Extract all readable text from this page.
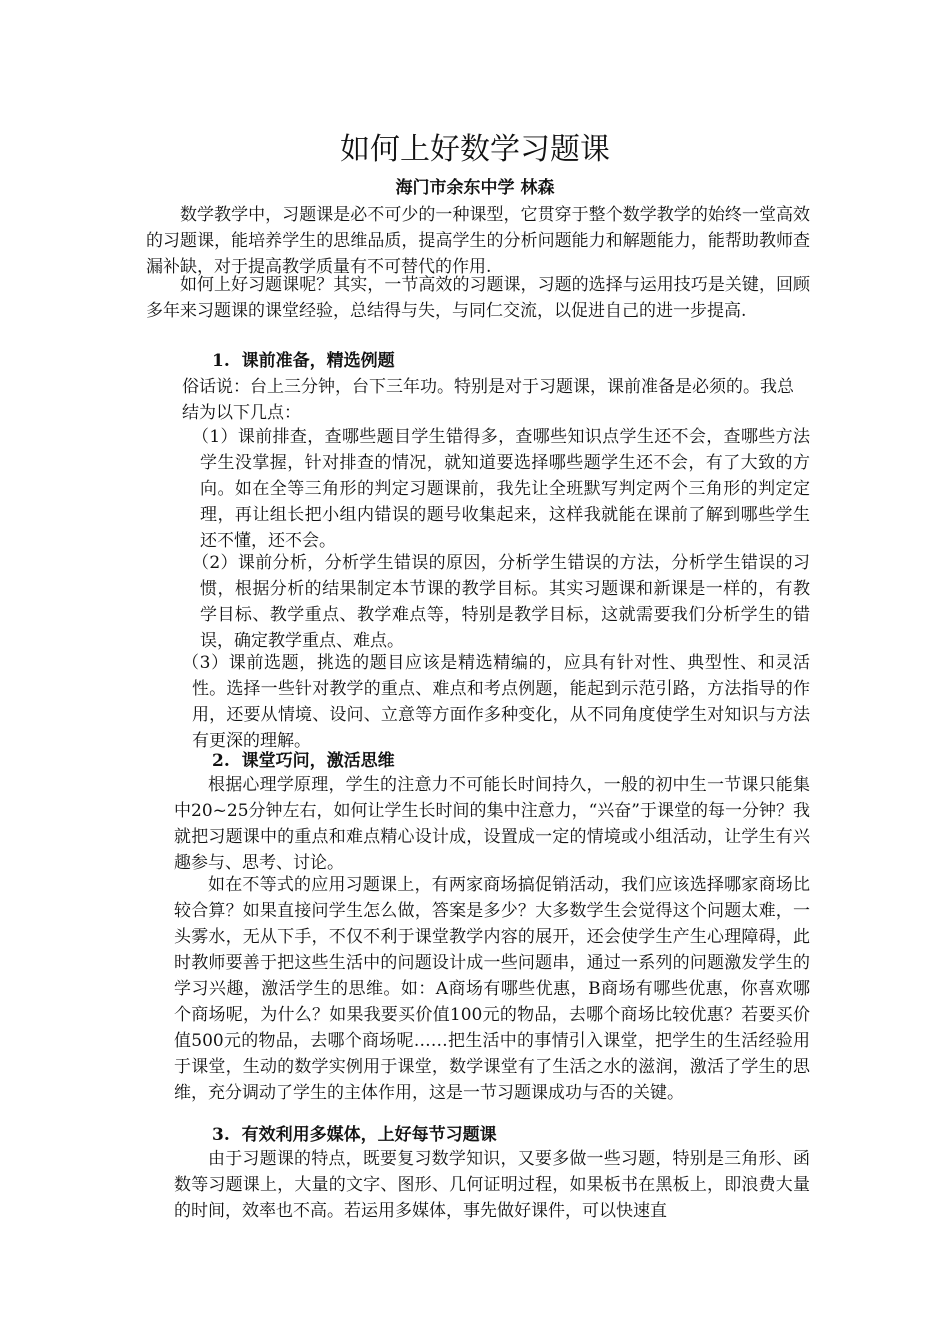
如何上好数学习题课
海门市余东中学 林森

数学教学中，习题课是必不可少的一种课型，它贯穿于整个数学教学的始终一堂高效的习题课，能培养学生的思维品质，提高学生的分析问题能力和解题能力，能帮助教师查漏补缺，对于提高教学质量有不可替代的作用.

如何上好习题课呢？其实，一节高效的习题课，习题的选择与运用技巧是关键，回顾多年来习题课的课堂经验，总结得与失，与同仁交流，以促进自己的进一步提高.

1.  课前准备，精选例题

俗话说：台上三分钟，台下三年功。特别是对于习题课，课前准备是必须的。我总结为以下几点：

（1）课前排查，查哪些题目学生错得多，查哪些知识点学生还不会，查哪些方法学生没掌握，针对排查的情况，就知道要选择哪些题学生还不会，有了大致的方向。如在全等三角形的判定习题课前，我先让全班默写判定两个三角形的判定定理，再让组长把小组内错误的题号收集起来，这样我就能在课前了解到哪些学生还不懂，还不会。

（2）课前分析，分析学生错误的原因，分析学生错误的方法，分析学生错误的习惯，根据分析的结果制定本节课的教学目标。其实习题课和新课是一样的，有教学目标、教学重点、教学难点等，特别是教学目标，这就需要我们分析学生的错误，确定教学重点、难点。

（3）课前选题，挑选的题目应该是精选精编的，应具有针对性、典型性、和灵活性。选择一些针对教学的重点、难点和考点例题，能起到示范引路，方法指导的作用，还要从情境、设问、立意等方面作多种变化，从不同角度使学生对知识与方法有更深的理解。

2.  课堂巧问，激活思维

根据心理学原理，学生的注意力不可能长时间持久，一般的初中生一节课只能集中20~25分钟左右，如何让学生长时间的集中注意力，“兴奋”于课堂的每一分钟？我就把习题课中的重点和难点精心设计成，设置成一定的情境或小组活动，让学生有兴趣参与、思考、讨论。

如在不等式的应用习题课上，有两家商场搞促销活动，我们应该选择哪家商场比较合算？如果直接问学生怎么做，答案是多少？大多数学生会觉得这个问题太难，一头雾水，无从下手，不仅不利于课堂教学内容的展开，还会使学生产生心理障碍，此时教师要善于把这些生活中的问题设计成一些问题串，通过一系列的问题激发学生的学习兴趣，激活学生的思维。如：A商场有哪些优惠，B商场有哪些优惠，你喜欢哪个商场呢，为什么？如果我要买价值100元的物品，去哪个商场比较优惠？若要买价值500元的物品，去哪个商场呢……把生活中的事情引入课堂，把学生的生活经验用于课堂，生动的数学实例用于课堂，数学课堂有了生活之水的滋润，激活了学生的思维，充分调动了学生的主体作用，这是一节习题课成功与否的关键。

3.  有效利用多媒体，上好每节习题课

由于习题课的特点，既要复习数学知识，又要多做一些习题，特别是三角形、函数等习题课上，大量的文字、图形、几何证明过程，如果板书在黑板上，即浪费大量的时间，效率也不高。若运用多媒体，事先做好课件，可以快速直
